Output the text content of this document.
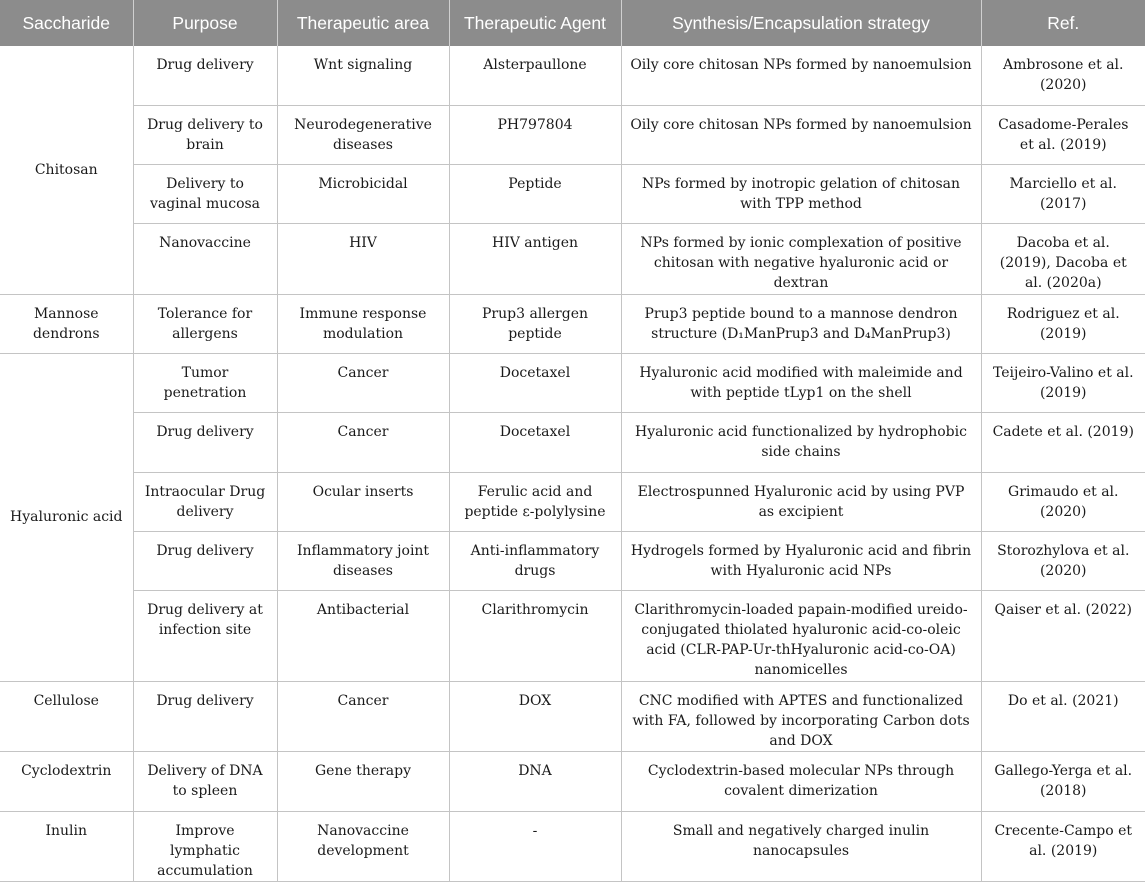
Saccharide	Purpose	Therapeutic area	Therapeutic Agent	Synthesis/Encapsulation strategy	Ref.
Chitosan	Drug delivery	Wnt signaling	Alsterpaullone	Oily core chitosan NPs formed by nanoemulsion	Ambrosone et al. (2020)
	Drug delivery to brain	Neurodegenerative diseases	PH797804	Oily core chitosan NPs formed by nanoemulsion	Casadome-Perales et al. (2019)
	Delivery to vaginal mucosa	Microbicidal	Peptide	NPs formed by inotropic gelation of chitosan with TPP method	Marciello et al. (2017)
	Nanovaccine	HIV	HIV antigen	NPs formed by ionic complexation of positive chitosan with negative hyaluronic acid or dextran	Dacoba et al. (2019), Dacoba et al. (2020a)
Mannose dendrons	Tolerance for allergens	Immune response modulation	Prup3 allergen peptide	Prup3 peptide bound to a mannose dendron structure (D₁ManPrup3 and D₄ManPrup3)	Rodriguez et al. (2019)
Hyaluronic acid	Tumor penetration	Cancer	Docetaxel	Hyaluronic acid modified with maleimide and with peptide tLyp1 on the shell	Teijeiro-Valino et al. (2019)
	Drug delivery	Cancer	Docetaxel	Hyaluronic acid functionalized by hydrophobic side chains	Cadete et al. (2019)
	Intraocular Drug delivery	Ocular inserts	Ferulic acid and peptide ε-polylysine	Electrospunned Hyaluronic acid by using PVP as excipient	Grimaudo et al. (2020)
	Drug delivery	Inflammatory joint diseases	Anti-inflammatory drugs	Hydrogels formed by Hyaluronic acid and fibrin with Hyaluronic acid NPs	Storozhylova et al. (2020)
	Drug delivery at infection site	Antibacterial	Clarithromycin	Clarithromycin-loaded papain-modified ureido-conjugated thiolated hyaluronic acid-co-oleic acid (CLR-PAP-Ur-thHyaluronic acid-co-OA) nanomicelles	Qaiser et al. (2022)
Cellulose	Drug delivery	Cancer	DOX	CNC modified with APTES and functionalized with FA, followed by incorporating Carbon dots and DOX	Do et al. (2021)
Cyclodextrin	Delivery of DNA to spleen	Gene therapy	DNA	Cyclodextrin-based molecular NPs through covalent dimerization	Gallego-Yerga et al. (2018)
Inulin	Improve lymphatic accumulation	Nanovaccine development	-	Small and negatively charged inulin nanocapsules	Crecente-Campo et al. (2019)
